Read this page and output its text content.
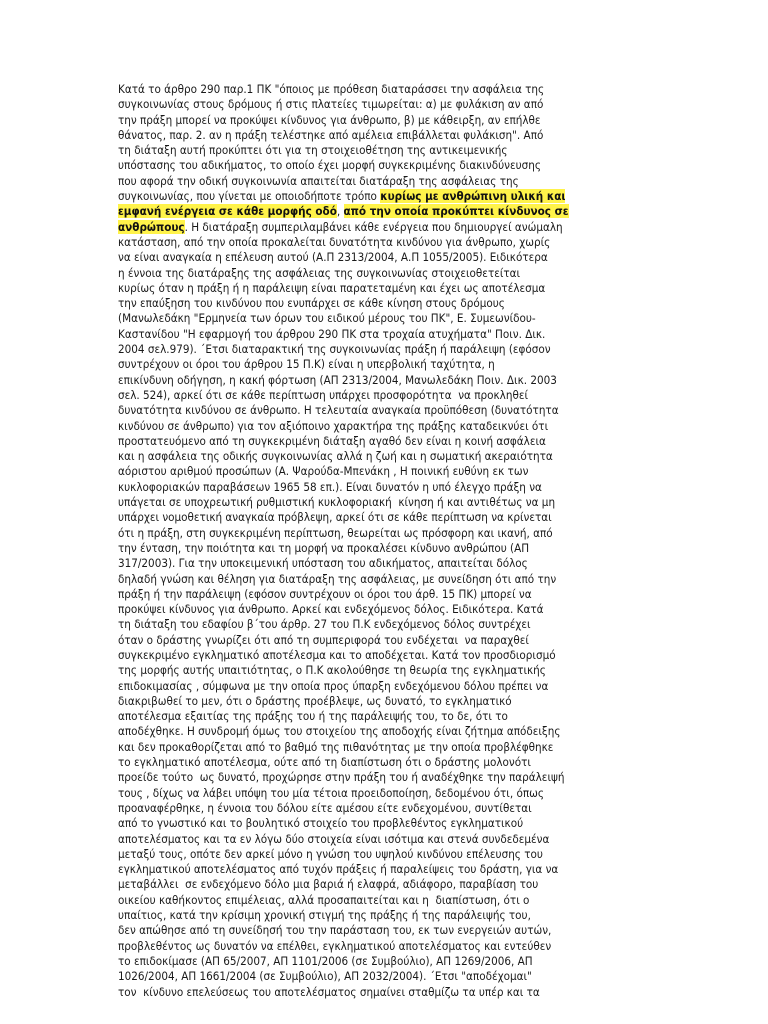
Κατά το άρθρο 290 παρ.1 ΠΚ "όποιος με πρόθεση διαταράσσει την ασφάλεια της
συγκοινωνίας στους δρόμους ή στις πλατείες τιμωρείται: α) με φυλάκιση αν από
την πράξη μπορεί να προκύψει κίνδυνος για άνθρωπο, β) με κάθειρξη, αν επήλθε
θάνατος, παρ. 2. αν η πράξη τελέστηκε από αμέλεια επιβάλλεται φυλάκιση". Από
τη διάταξη αυτή προκύπτει ότι για τη στοιχειοθέτηση της αντικειμενικής
υπόστασης του αδικήματος, το οποίο έχει μορφή συγκεκριμένης διακινδύνευσης
που αφορά την οδική συγκοινωνία απαιτείται διατάραξη της ασφάλειας της
συγκοινωνίας, που γίνεται με οποιοδήποτε τρόπο κυρίως με ανθρώπινη υλική και
εμφανή ενέργεια σε κάθε μορφής οδό, από την οποία προκύπτει κίνδυνος σε
ανθρώπους. Η διατάραξη συμπεριλαμβάνει κάθε ενέργεια που δημιουργεί ανώμαλη
κατάσταση, από την οποία προκαλείται δυνατότητα κινδύνου για άνθρωπο, χωρίς
να είναι αναγκαία η επέλευση αυτού (Α.Π 2313/2004, Α.Π 1055/2005). Ειδικότερα
η έννοια της διατάραξης της ασφάλειας της συγκοινωνίας στοιχειοθετείται
κυρίως όταν η πράξη ή η παράλειψη είναι παρατεταμένη και έχει ως αποτέλεσμα
την επαύξηση του κινδύνου που ενυπάρχει σε κάθε κίνηση στους δρόμους
(Μανωλεδάκη "Ερμηνεία των όρων του ειδικού μέρους του ΠΚ", Ε. Συμεωνίδου-
Καστανίδου "Η εφαρμογή του άρθρου 290 ΠΚ στα τροχαία ατυχήματα" Ποιν. Δικ.
2004 σελ.979). ΄Ετσι διαταρακτική της συγκοινωνίας πράξη ή παράλειψη (εφόσον
συντρέχουν οι όροι του άρθρου 15 Π.Κ) είναι η υπερβολική ταχύτητα, η
επικίνδυνη οδήγηση, η κακή φόρτωση (ΑΠ 2313/2004, Μανωλεδάκη Ποιν. Δικ. 2003
σελ. 524), αρκεί ότι σε κάθε περίπτωση υπάρχει προσφορότητα  να προκληθεί
δυνατότητα κινδύνου σε άνθρωπο. Η τελευταία αναγκαία προϋπόθεση (δυνατότητα
κινδύνου σε άνθρωπο) για τον αξιόποινο χαρακτήρα της πράξης καταδεικνύει ότι
προστατευόμενο από τη συγκεκριμένη διάταξη αγαθό δεν είναι η κοινή ασφάλεια
και η ασφάλεια της οδικής συγκοινωνίας αλλά η ζωή και η σωματική ακεραιότητα
αόριστου αριθμού προσώπων (Α. Ψαρούδα-Μπενάκη , Η ποινική ευθύνη εκ των
κυκλοφοριακών παραβάσεων 1965 58 επ.). Είναι δυνατόν η υπό έλεγχο πράξη να
υπάγεται σε υποχρεωτική ρυθμιστική κυκλοφοριακή  κίνηση ή και αντιθέτως να μη
υπάρχει νομοθετική αναγκαία πρόβλεψη, αρκεί ότι σε κάθε περίπτωση να κρίνεται
ότι η πράξη, στη συγκεκριμένη περίπτωση, θεωρείται ως πρόσφορη και ικανή, από
την ένταση, την ποιότητα και τη μορφή να προκαλέσει κίνδυνο ανθρώπου (ΑΠ
317/2003). Για την υποκειμενική υπόσταση του αδικήματος, απαιτείται δόλος
δηλαδή γνώση και θέληση για διατάραξη της ασφάλειας, με συνείδηση ότι από την
πράξη ή την παράλειψη (εφόσον συντρέχουν οι όροι του άρθ. 15 ΠΚ) μπορεί να
προκύψει κίνδυνος για άνθρωπο. Αρκεί και ενδεχόμενος δόλος. Ειδικότερα. Κατά
τη διάταξη του εδαφίου β΄του άρθρ. 27 του Π.Κ ενδεχόμενος δόλος συντρέχει
όταν ο δράστης γνωρίζει ότι από τη συμπεριφορά του ενδέχεται  να παραχθεί
συγκεκριμένο εγκληματικό αποτέλεσμα και το αποδέχεται. Κατά τον προσδιορισμό
της μορφής αυτής υπαιτιότητας, ο Π.Κ ακολούθησε τη θεωρία της εγκληματικής
επιδοκιμασίας , σύμφωνα με την οποία προς ύπαρξη ενδεχόμενου δόλου πρέπει να
διακριβωθεί το μεν, ότι ο δράστης προέβλεψε, ως δυνατό, το εγκληματικό
αποτέλεσμα εξαιτίας της πράξης του ή της παράλειψής του, το δε, ότι το
αποδέχθηκε. Η συνδρομή όμως του στοιχείου της αποδοχής είναι ζήτημα απόδειξης
και δεν προκαθορίζεται από το βαθμό της πιθανότητας με την οποία προβλέφθηκε
το εγκληματικό αποτέλεσμα, ούτε από τη διαπίστωση ότι ο δράστης μολονότι
προείδε τούτο  ως δυνατό, προχώρησε στην πράξη του ή αναδέχθηκε την παράλειψή
τους , δίχως να λάβει υπόψη του μία τέτοια προειδοποίηση, δεδομένου ότι, όπως
προαναφέρθηκε, η έννοια του δόλου είτε αμέσου είτε ενδεχομένου, συντίθεται
από το γνωστικό και το βουλητικό στοιχείο του προβλεθέντος εγκληματικού
αποτελέσματος και τα εν λόγω δύο στοιχεία είναι ισότιμα και στενά συνδεδεμένα
μεταξύ τους, οπότε δεν αρκεί μόνο η γνώση του υψηλού κινδύνου επέλευσης του
εγκληματικού αποτελέσματος από τυχόν πράξεις ή παραλείψεις του δράστη, για να
μεταβάλλει  σε ενδεχόμενο δόλο μια βαριά ή ελαφρά, αδιάφορο, παραβίαση του
οικείου καθήκοντος επιμέλειας, αλλά προσαπαιτείται και η  διαπίστωση, ότι ο
υπαίτιος, κατά την κρίσιμη χρονική στιγμή της πράξης ή της παράλειψής του,
δεν απώθησε από τη συνείδησή του την παράσταση του, εκ των ενεργειών αυτών,
προβλεθέντος ως δυνατόν να επέλθει, εγκληματικού αποτελέσματος και εντεύθεν
το επιδοκίμασε (ΑΠ 65/2007, ΑΠ 1101/2006 (σε Συμβούλιο), ΑΠ 1269/2006, ΑΠ
1026/2004, ΑΠ 1661/2004 (σε Συμβούλιο), ΑΠ 2032/2004). ΄Ετσι "αποδέχομαι"
τον  κίνδυνο επελεύσεως του αποτελέσματος σημαίνει σταθμίζω τα υπέρ και τα
